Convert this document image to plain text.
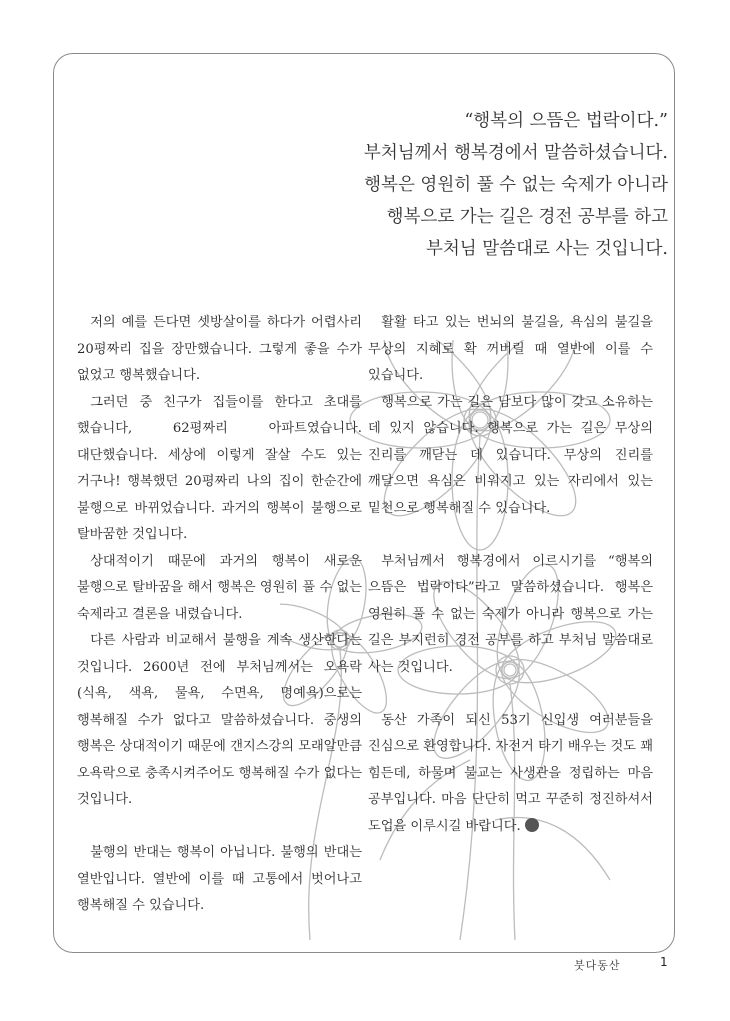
“행복의 으뜸은 법락이다.”

부처님께서 행복경에서 말씀하셨습니다.

행복은 영원히 풀 수 없는 숙제가 아니라

행복으로 가는 길은 경전 공부를 하고

부처님 말씀대로 사는 것입니다.

저의 예를 든다면 셋방살이를 하다가 어렵사리 20평짜리 집을 장만했습니다. 그렇게 좋을 수가 없었고 행복했습니다.

그러던 중 친구가 집들이를 한다고 초대를 했습니다, 62평짜리 아파트였습니다. 대단했습니다. 세상에 이렇게 잘살 수도 있는 거구나! 행복했던 20평짜리 나의 집이 한순간에 불행으로 바뀌었습니다. 과거의 행복이 불행으로 탈바꿈한 것입니다.

상대적이기 때문에 과거의 행복이 새로운 불행으로 탈바꿈을 해서 행복은 영원히 풀 수 없는 숙제라고 결론을 내렸습니다.

다른 사람과 비교해서 불행을 계속 생산한다는 것입니다. 2600년 전에 부처님께서는 오욕락(식욕, 색욕, 물욕, 수면욕, 명예욕)으로는 행복해질 수가 없다고 말씀하셨습니다. 중생의 행복은 상대적이기 때문에 갠지스강의 모래알만큼 오욕락으로 충족시켜주어도 행복해질 수가 없다는 것입니다.

불행의 반대는 행복이 아닙니다. 불행의 반대는 열반입니다. 열반에 이를 때 고통에서 벗어나고 행복해질 수 있습니다.

활활 타고 있는 번뇌의 불길을, 욕심의 불길을 무상의 지혜로 확 꺼버릴 때 열반에 이를 수 있습니다.

행복으로 가는 길은 남보다 많이 갖고 소유하는 데 있지 않습니다. 행복으로 가는 길은 무상의 진리를 깨닫는 데 있습니다. 무상의 진리를 깨달으면 욕심은 비워지고 있는 자리에서 있는 밑천으로 행복해질 수 있습니다.

부처님께서 행복경에서 이르시기를 “행복의 으뜸은 법락이다”라고 말씀하셨습니다. 행복은 영원히 풀 수 없는 숙제가 아니라 행복으로 가는 길은 부지런히 경전 공부를 하고 부처님 말씀대로 사는 것입니다.

동산 가족이 되신 53기 신입생 여러분들을 진심으로 환영합니다. 자전거 타기 배우는 것도 꽤 힘든데, 하물며 불교는 사생관을 정립하는 마음 공부입니다. 마음 단단히 먹고 꾸준히 정진하셔서 도업을 이루시길 바랍니다.

붓다동산	1
